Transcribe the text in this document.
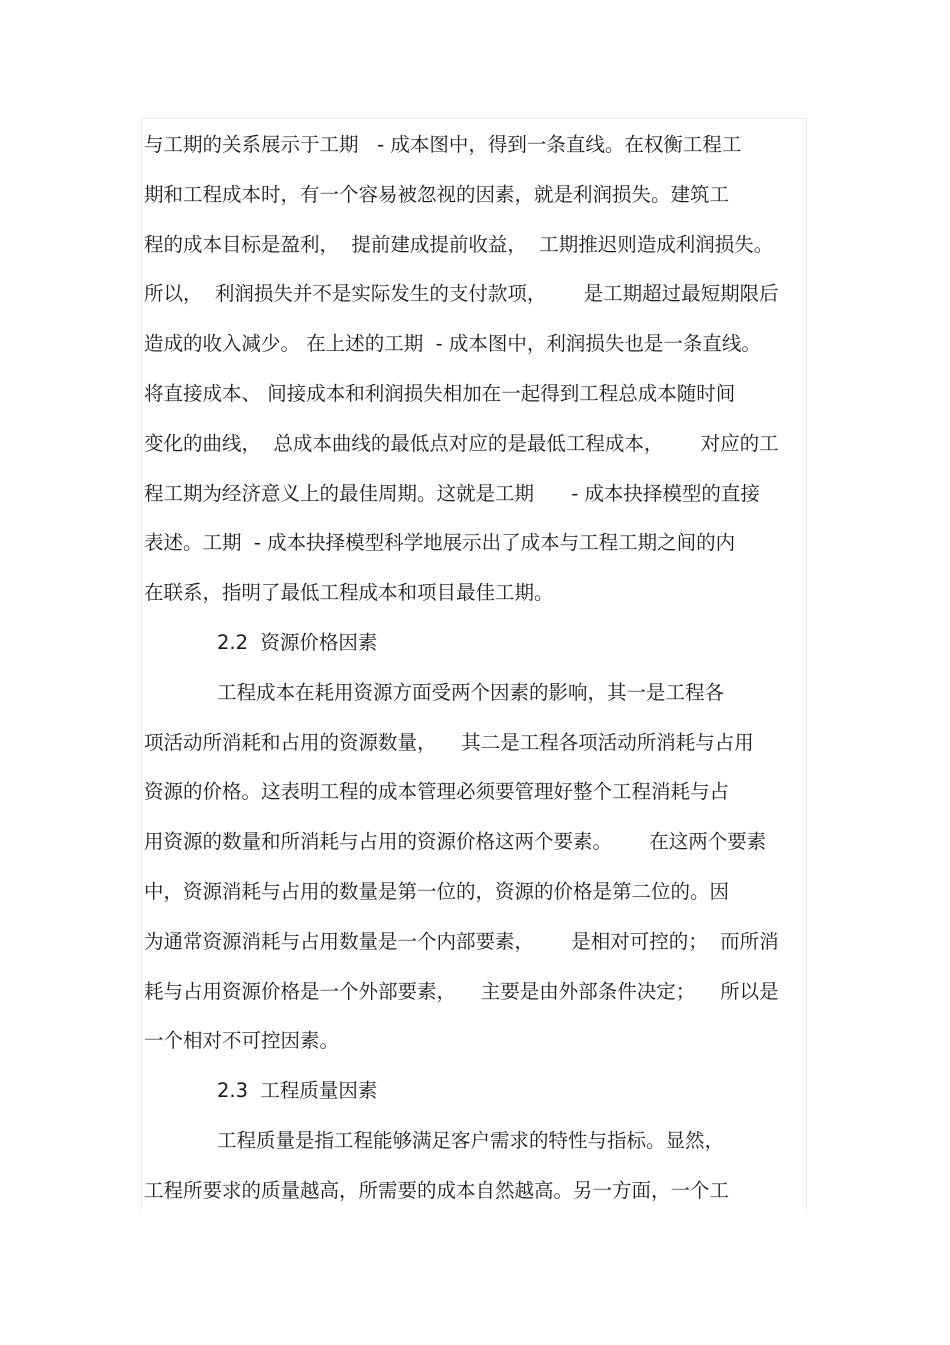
与工期的关系展示于工期   - 成本图中，得到一条直线。在权衡工程工
期和工程成本时，有一个容易被忽视的因素，就是利润损失。建筑工
程的成本目标是盈利，  提前建成提前收益，  工期推迟则造成利润损失。
所以，  利润损失并不是实际发生的支付款项，      是工期超过最短期限后
造成的收入减少。 在上述的工期  - 成本图中，利润损失也是一条直线。
将直接成本、 间接成本和利润损失相加在一起得到工程总成本随时间
变化的曲线，  总成本曲线的最低点对应的是最低工程成本，      对应的工
程工期为经济意义上的最佳周期。这就是工期      - 成本抉择模型的直接
表述。工期  - 成本抉择模型科学地展示出了成本与工程工期之间的内
在联系，指明了最低工程成本和项目最佳工期。
2.2  资源价格因素
工程成本在耗用资源方面受两个因素的影响，其一是工程各
项活动所消耗和占用的资源数量，    其二是工程各项活动所消耗与占用
资源的价格。这表明工程的成本管理必须要管理好整个工程消耗与占
用资源的数量和所消耗与占用的资源价格这两个要素。      在这两个要素
中，资源消耗与占用的数量是第一位的，资源的价格是第二位的。因
为通常资源消耗与占用数量是一个内部要素，      是相对可控的；  而所消
耗与占用资源价格是一个外部要素，    主要是由外部条件决定；    所以是
一个相对不可控因素。
2.3  工程质量因素
工程质量是指工程能够满足客户需求的特性与指标。显然，
工程所要求的质量越高，所需要的成本自然越高。另一方面，一个工
